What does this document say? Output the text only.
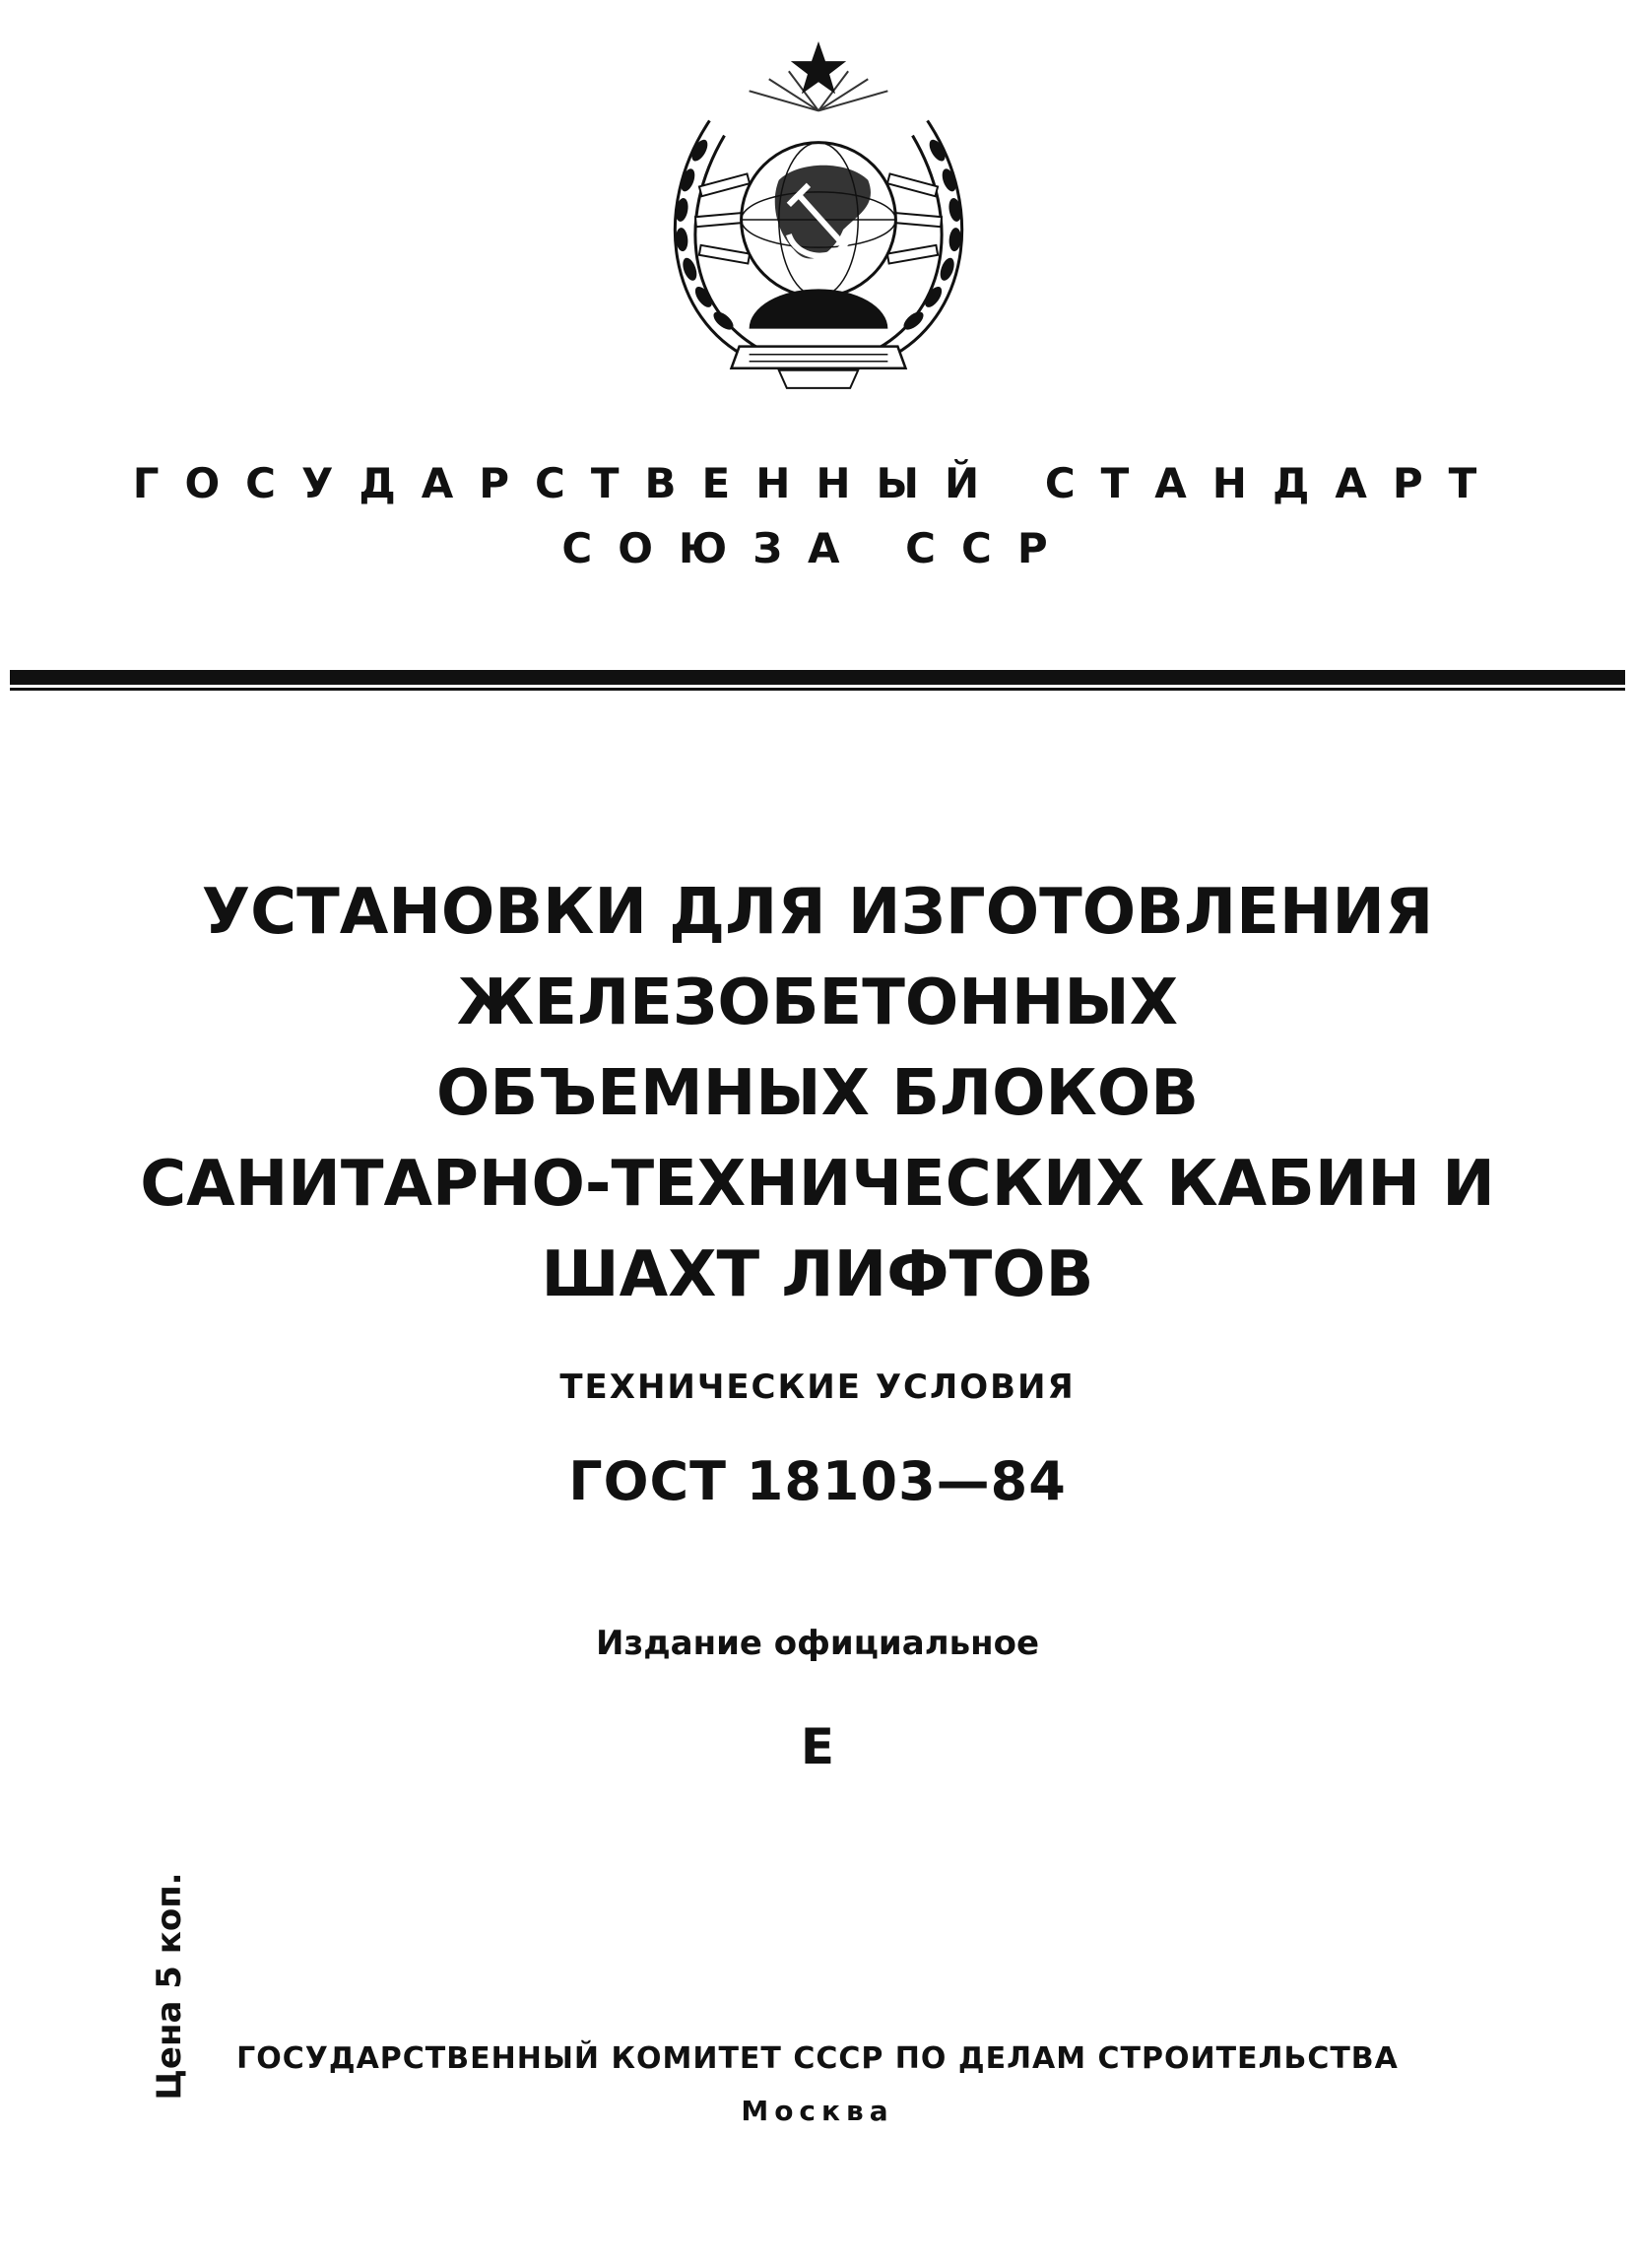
ГОСУДАРСТВЕННЫЙ СТАНДАРТ
СОЮЗА ССР
УСТАНОВКИ ДЛЯ ИЗГОТОВЛЕНИЯ
ЖЕЛЕЗОБЕТОННЫХ
ОБЪЕМНЫХ БЛОКОВ
САНИТАРНО-ТЕХНИЧЕСКИХ КАБИН И
ШАХТ ЛИФТОВ
ТЕХНИЧЕСКИЕ УСЛОВИЯ
ГОСТ 18103—84
Издание официальное
Е
Цена 5 коп.	ГОСУДАРСТВЕННЫЙ КОМИТЕТ СССР ПО ДЕЛАМ СТРОИТЕЛЬСТВА
Москва
